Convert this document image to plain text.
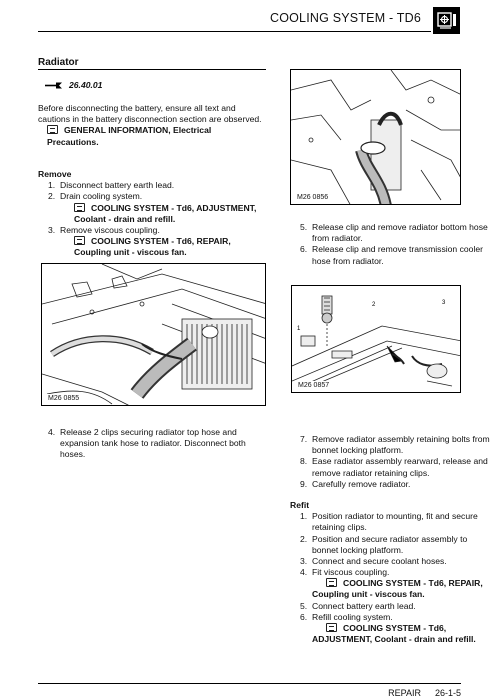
COOLING SYSTEM - TD6
Radiator
26.40.01
Before disconnecting the battery, ensure all text and cautions in the battery disconnection section are observed.
GENERAL INFORMATION, Electrical Precautions.
Remove
1. Disconnect battery earth lead.
2. Drain cooling system.
COOLING SYSTEM - Td6, ADJUSTMENT, Coolant - drain and refill.
3. Remove viscous coupling.
COOLING SYSTEM - Td6, REPAIR, Coupling unit - viscous fan.
M26 0855
4. Release 2 clips securing radiator top hose and expansion tank hose to radiator. Disconnect both hoses.
M26 0856
5. Release clip and remove radiator bottom hose from radiator.
6. Release clip and remove transmission cooler hose from radiator.
1
2	3
M26 0857
7. Remove radiator assembly retaining bolts from bonnet locking platform.
8. Ease radiator assembly rearward, release and remove radiator retaining clips.
9. Carefully remove radiator.
Refit
1. Position radiator to mounting, fit and secure retaining clips.
2. Position and secure radiator assembly to bonnet locking platform.
3. Connect and secure coolant hoses.
4. Fit viscous coupling.
COOLING SYSTEM - Td6, REPAIR, Coupling unit - viscous fan.
5. Connect battery earth lead.
6. Refill cooling system.
COOLING SYSTEM - Td6, ADJUSTMENT, Coolant - drain and refill.
REPAIR 26-1-5
